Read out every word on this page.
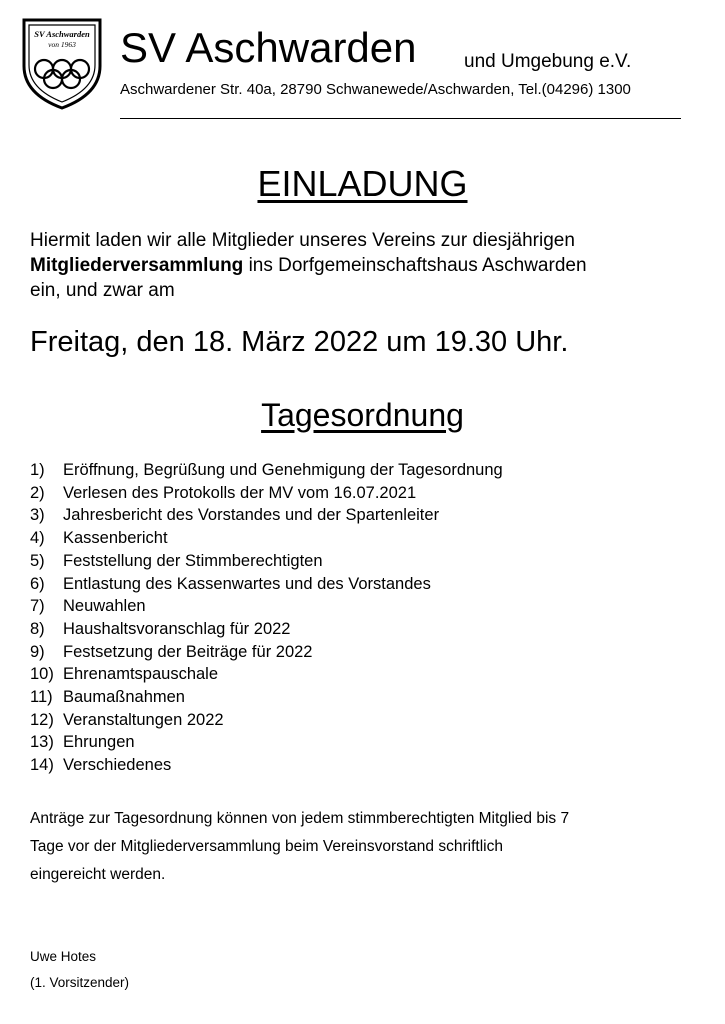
SV Aschwarden
von 1963 SV Aschwarden und Umgebung e.V.
Aschwardener Str. 40a, 28790 Schwanewede/Aschwarden, Tel.(04296) 1300
EINLADUNG
Hiermit laden wir alle Mitglieder unseres Vereins zur diesjährigen
Mitgliederversammlung ins Dorfgemeinschaftshaus Aschwarden
ein, und zwar am
Freitag, den 18. März 2022 um 19.30 Uhr.
Tagesordnung
1)	Eröffnung, Begrüßung und Genehmigung der Tagesordnung
2)	Verlesen des Protokolls der MV vom 16.07.2021
3)	Jahresbericht des Vorstandes und der Spartenleiter
4)	Kassenbericht
5)	Feststellung der Stimmberechtigten
6)	Entlastung des Kassenwartes und des Vorstandes
7)	Neuwahlen
8)	Haushaltsvoranschlag für 2022
9)	Festsetzung der Beiträge für 2022
10) Ehrenamtspauschale
11) Baumaßnahmen
12) Veranstaltungen 2022
13) Ehrungen
14) Verschiedenes
Anträge zur Tagesordnung können von jedem stimmberechtigten Mitglied bis 7
Tage vor der Mitgliederversammlung beim Vereinsvorstand schriftlich
eingereicht werden.
Uwe Hotes
(1. Vorsitzender)
